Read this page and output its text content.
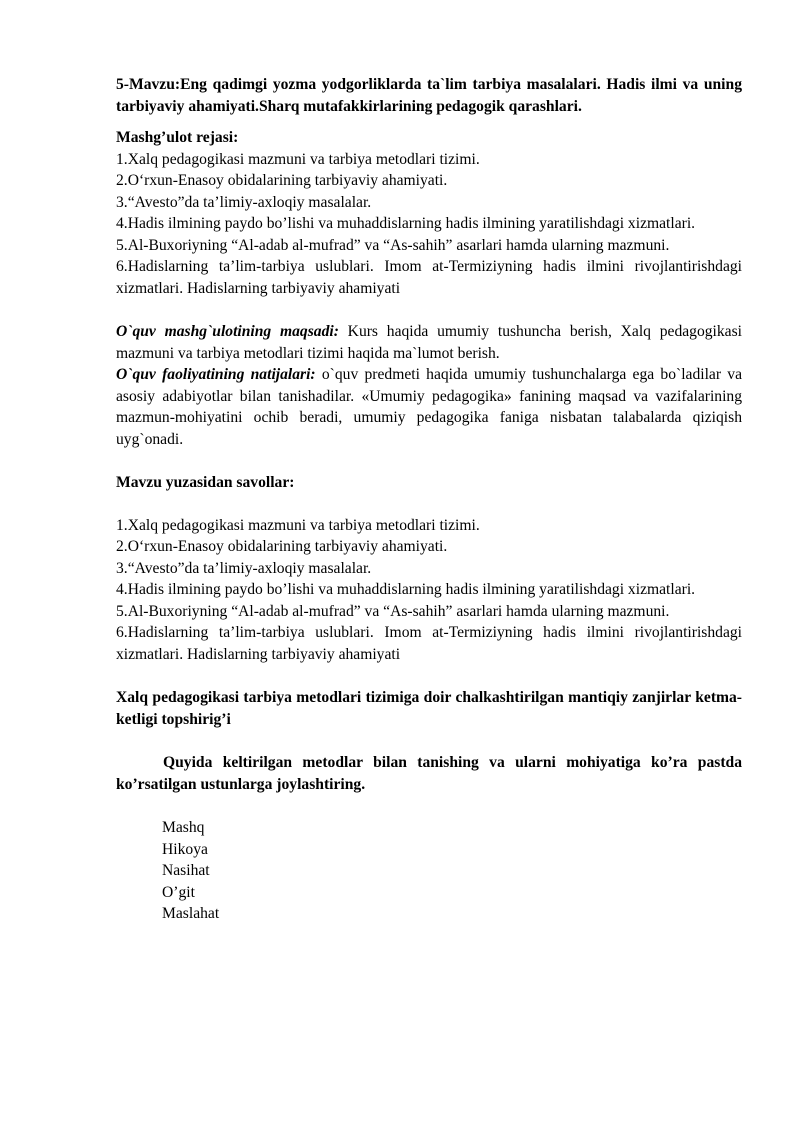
5-Mavzu:Eng qadimgi yozma yodgorliklarda ta`lim tarbiya masalalari. Hadis ilmi va uning tarbiyaviy ahamiyati.Sharq mutafakkirlarining pedagogik qarashlari.

Mashg’ulot rejasi:

1.Xalq pedagogikasi mazmuni va tarbiya metodlari tizimi.

2.O‘rxun-Enasoy obidalarining tarbiyaviy ahamiyati.

3.“Avesto”da ta’limiy-axloqiy masalalar.

4.Hadis ilmining paydo bo’lishi va muhaddislarning hadis ilmining yaratilishdagi xizmatlari.

5.Al-Buxoriyning “Al-adab al-mufrad” va “As-sahih” asarlari hamda ularning mazmuni.

6.Hadislarning ta’lim-tarbiya uslublari. Imom at-Termiziyning hadis ilmini rivojlantirishdagi xizmatlari. Hadislarning tarbiyaviy ahamiyati

O`quv mashg`ulotining maqsadi: Kurs haqida umumiy tushuncha berish, Xalq pedagogikasi mazmuni va tarbiya metodlari tizimi haqida ma`lumot berish.

O`quv faoliyatining natijalari: o`quv predmeti haqida umumiy tushunchalarga ega bo`ladilar va asosiy adabiyotlar bilan tanishadilar. «Umumiy pedagogika» fanining maqsad va vazifalarining mazmun-mohiyatini ochib beradi, umumiy pedagogika faniga nisbatan talabalarda qiziqish uyg`onadi.

Mavzu yuzasidan savollar:

1.Xalq pedagogikasi mazmuni va tarbiya metodlari tizimi.

2.O‘rxun-Enasoy obidalarining tarbiyaviy ahamiyati.

3.“Avesto”da ta’limiy-axloqiy masalalar.

4.Hadis ilmining paydo bo’lishi va muhaddislarning hadis ilmining yaratilishdagi xizmatlari.

5.Al-Buxoriyning “Al-adab al-mufrad” va “As-sahih” asarlari hamda ularning mazmuni.

6.Hadislarning ta’lim-tarbiya uslublari. Imom at-Termiziyning hadis ilmini rivojlantirishdagi xizmatlari. Hadislarning tarbiyaviy ahamiyati

Xalq pedagogikasi tarbiya metodlari tizimiga doir chalkashtirilgan mantiqiy zanjirlar ketma-ketligi topshirig’i

Quyida keltirilgan metodlar bilan tanishing va ularni mohiyatiga ko’ra pastda ko’rsatilgan ustunlarga joylashtiring.

Mashq

Hikoya

Nasihat

O’git

Maslahat
